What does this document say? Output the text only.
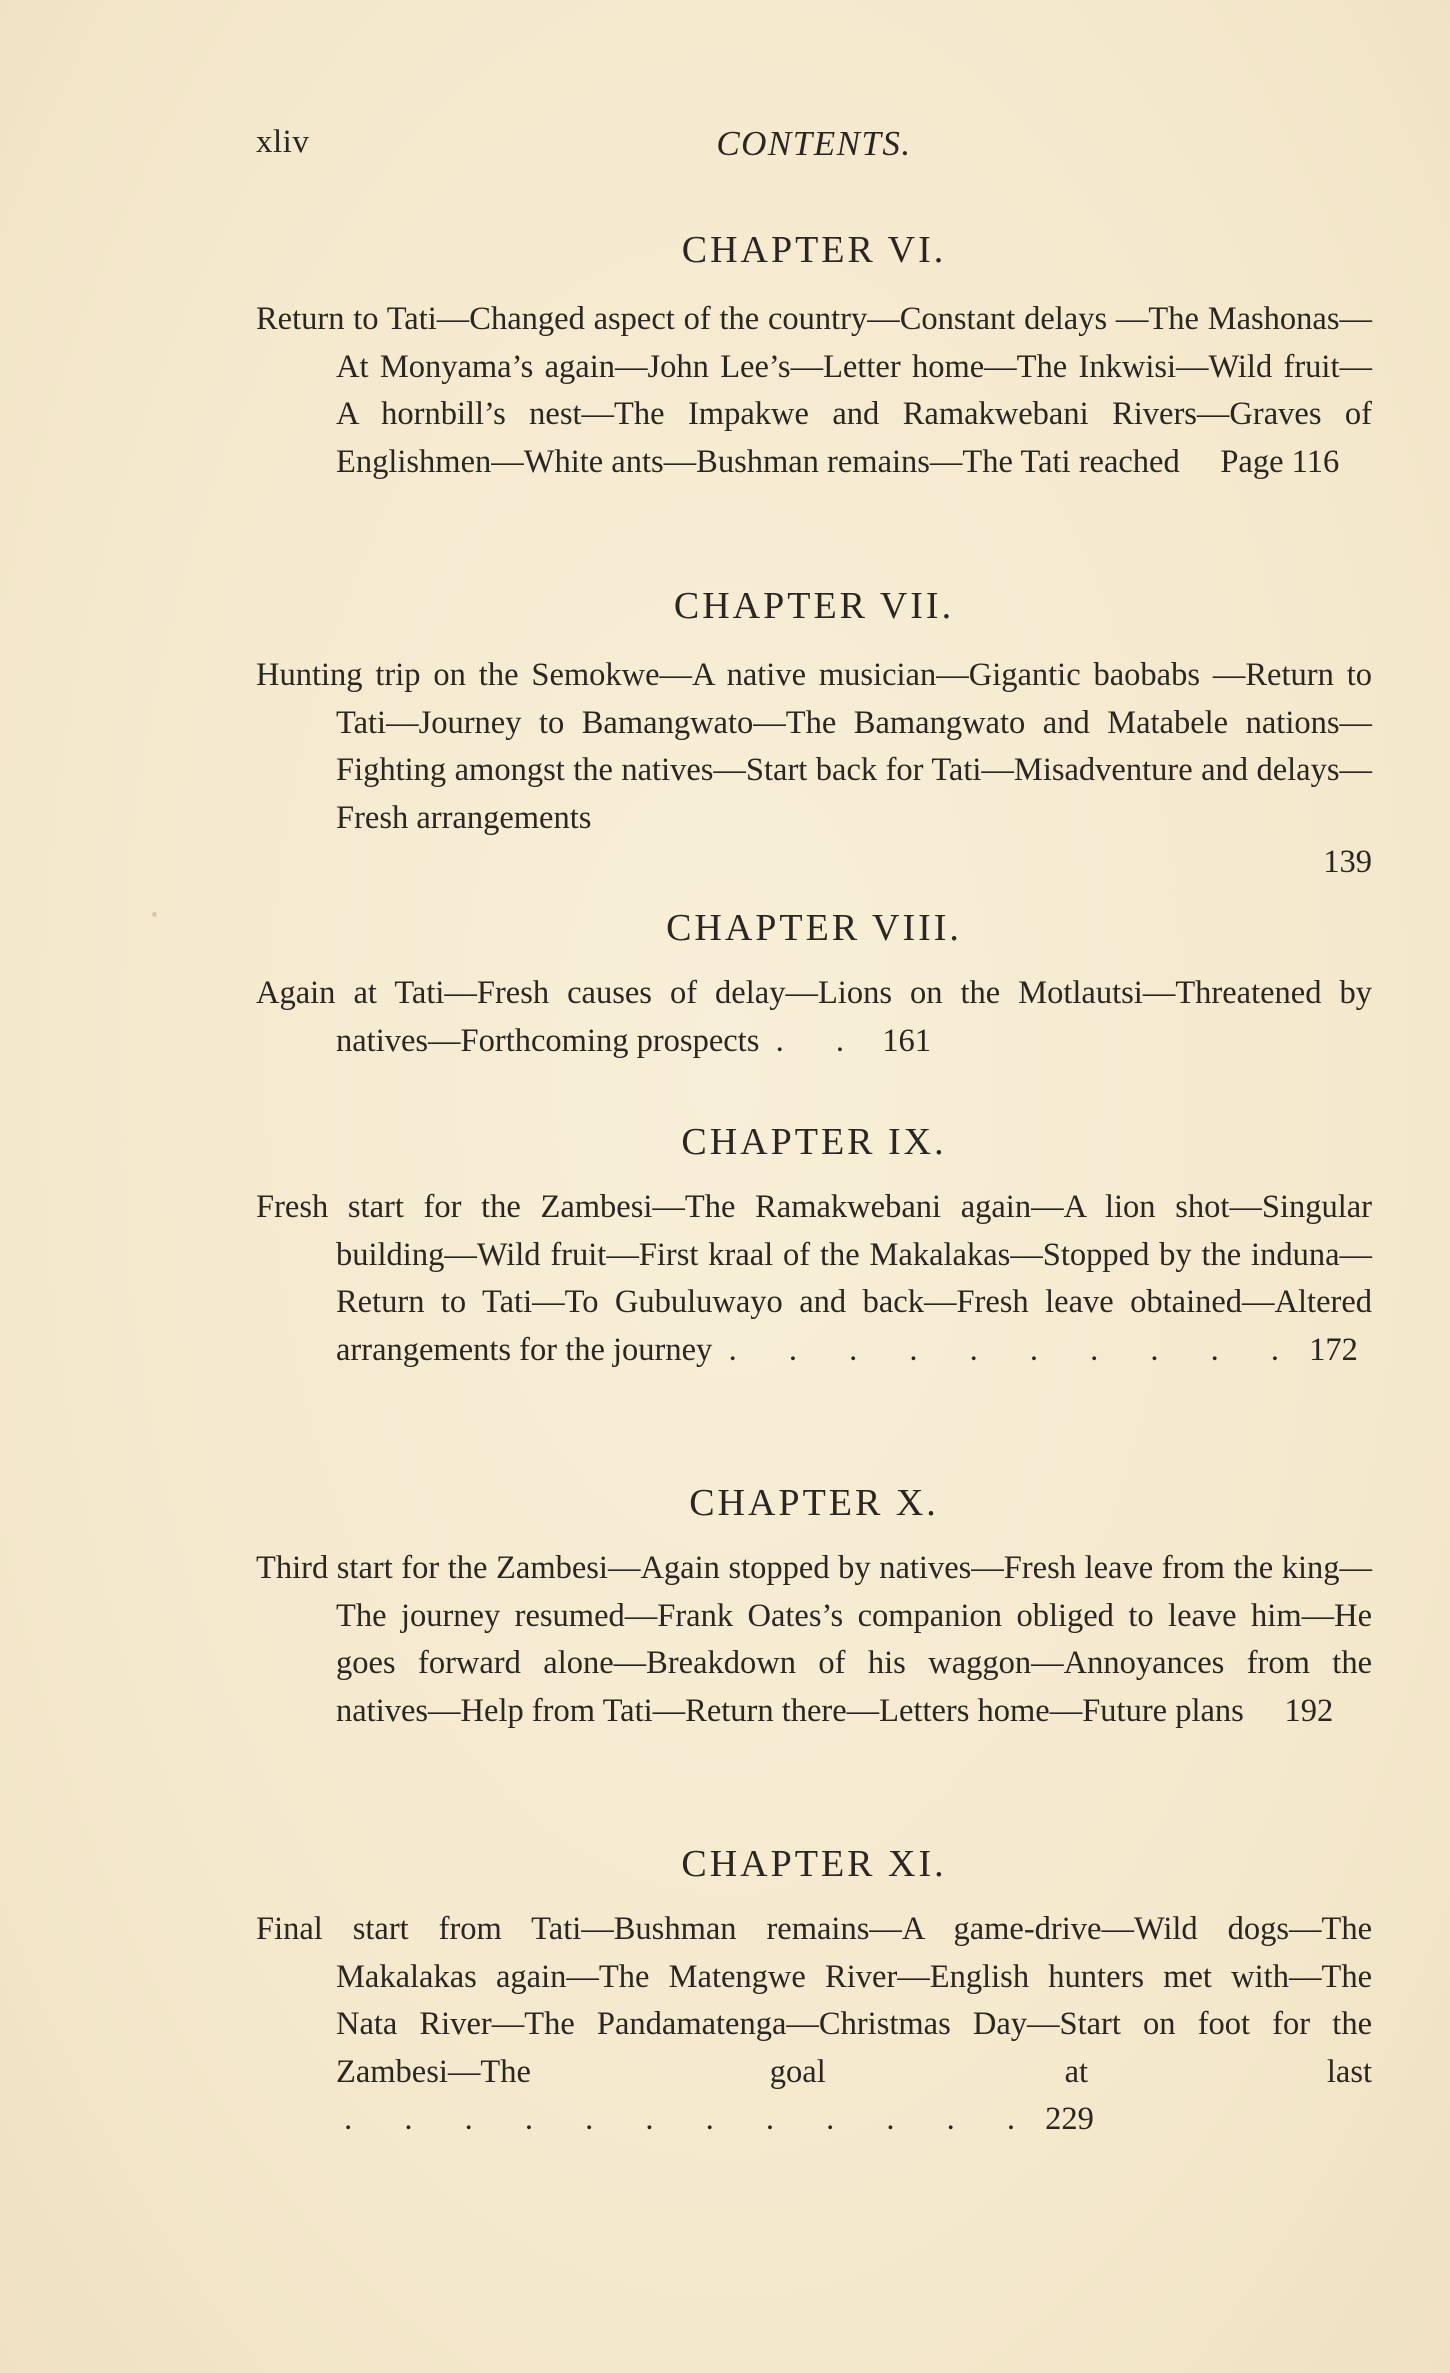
xliv	CONTENTS.
CHAPTER VI.

Return to Tati—Changed aspect of the country—Constant delays —The Mashonas—At Monyama’s again—John Lee’s—Letter home—The Inkwisi—Wild fruit—A hornbill’s nest—The Impakwe and Ramakwebani Rivers—Graves of Englishmen—White ants—Bushman remains—The Tati reached Page 116

CHAPTER VII.

Hunting trip on the Semokwe—A native musician—Gigantic baobabs —Return to Tati—Journey to Bamangwato—The Bamangwato and Matabele nations—Fighting amongst the natives—Start back for Tati—Misadventure and delays—Fresh arrangements

139
CHAPTER VIII.

Again at Tati—Fresh causes of delay—Lions on the Motlautsi—Threatened by natives—Forthcoming prospects . . 161

CHAPTER IX.

Fresh start for the Zambesi—The Ramakwebani again—A lion shot—Singular building—Wild fruit—First kraal of the Makalakas—Stopped by the induna—Return to Tati—To Gubuluwayo and back—Fresh leave obtained—Altered arrangements for the journey . . . . . . . . . . 172

CHAPTER X.

Third start for the Zambesi—Again stopped by natives—Fresh leave from the king—The journey resumed—Frank Oates’s companion obliged to leave him—He goes forward alone—Breakdown of his waggon—Annoyances from the natives—Help from Tati—Return there—Letters home—Future plans 192

CHAPTER XI.

Final start from Tati—Bushman remains—A game-drive—Wild dogs—The Makalakas again—The Matengwe River—English hunters met with—The Nata River—The Pandamatenga—Christmas Day—Start on foot for the Zambesi—The goal at last  . . . . . . . . . . . . 229
